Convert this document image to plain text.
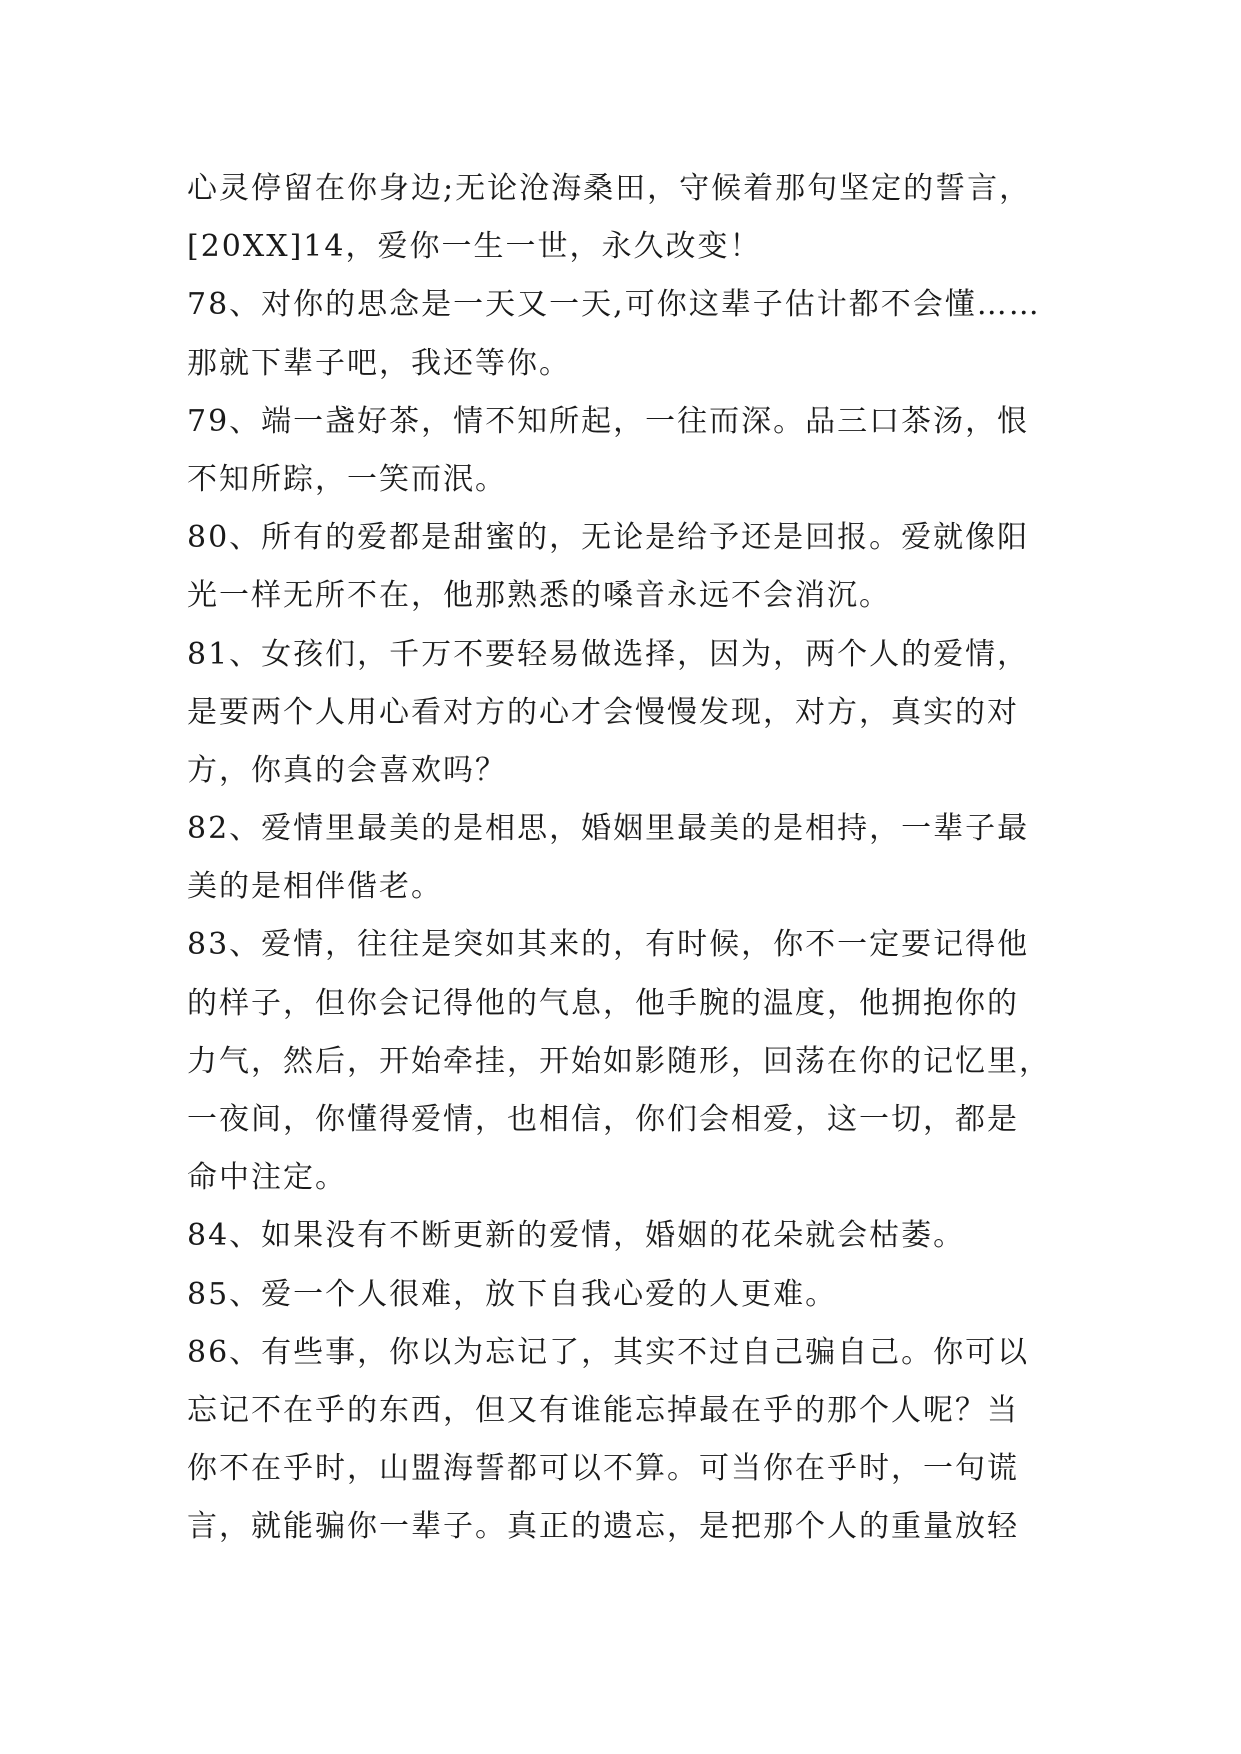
心灵停留在你身边;无论沧海桑田，守候着那句坚定的誓言，
[20XX]14，爱你一生一世，永久改变！
78、对你的思念是一天又一天,可你这辈子估计都不会懂……
那就下辈子吧，我还等你。
79、端一盏好茶，情不知所起，一往而深。品三口茶汤，恨
不知所踪，一笑而泯。
80、所有的爱都是甜蜜的，无论是给予还是回报。爱就像阳
光一样无所不在，他那熟悉的嗓音永远不会消沉。
81、女孩们，千万不要轻易做选择，因为，两个人的爱情，
是要两个人用心看对方的心才会慢慢发现，对方，真实的对
方，你真的会喜欢吗？
82、爱情里最美的是相思，婚姻里最美的是相持，一辈子最
美的是相伴偕老。
83、爱情，往往是突如其来的，有时候，你不一定要记得他
的样子，但你会记得他的气息，他手腕的温度，他拥抱你的
力气，然后，开始牵挂，开始如影随形，回荡在你的记忆里，
一夜间，你懂得爱情，也相信，你们会相爱，这一切，都是
命中注定。
84、如果没有不断更新的爱情，婚姻的花朵就会枯萎。
85、爱一个人很难，放下自我心爱的人更难。
86、有些事，你以为忘记了，其实不过自己骗自己。你可以
忘记不在乎的东西，但又有谁能忘掉最在乎的那个人呢？当
你不在乎时，山盟海誓都可以不算。可当你在乎时，一句谎
言，就能骗你一辈子。真正的遗忘，是把那个人的重量放轻
